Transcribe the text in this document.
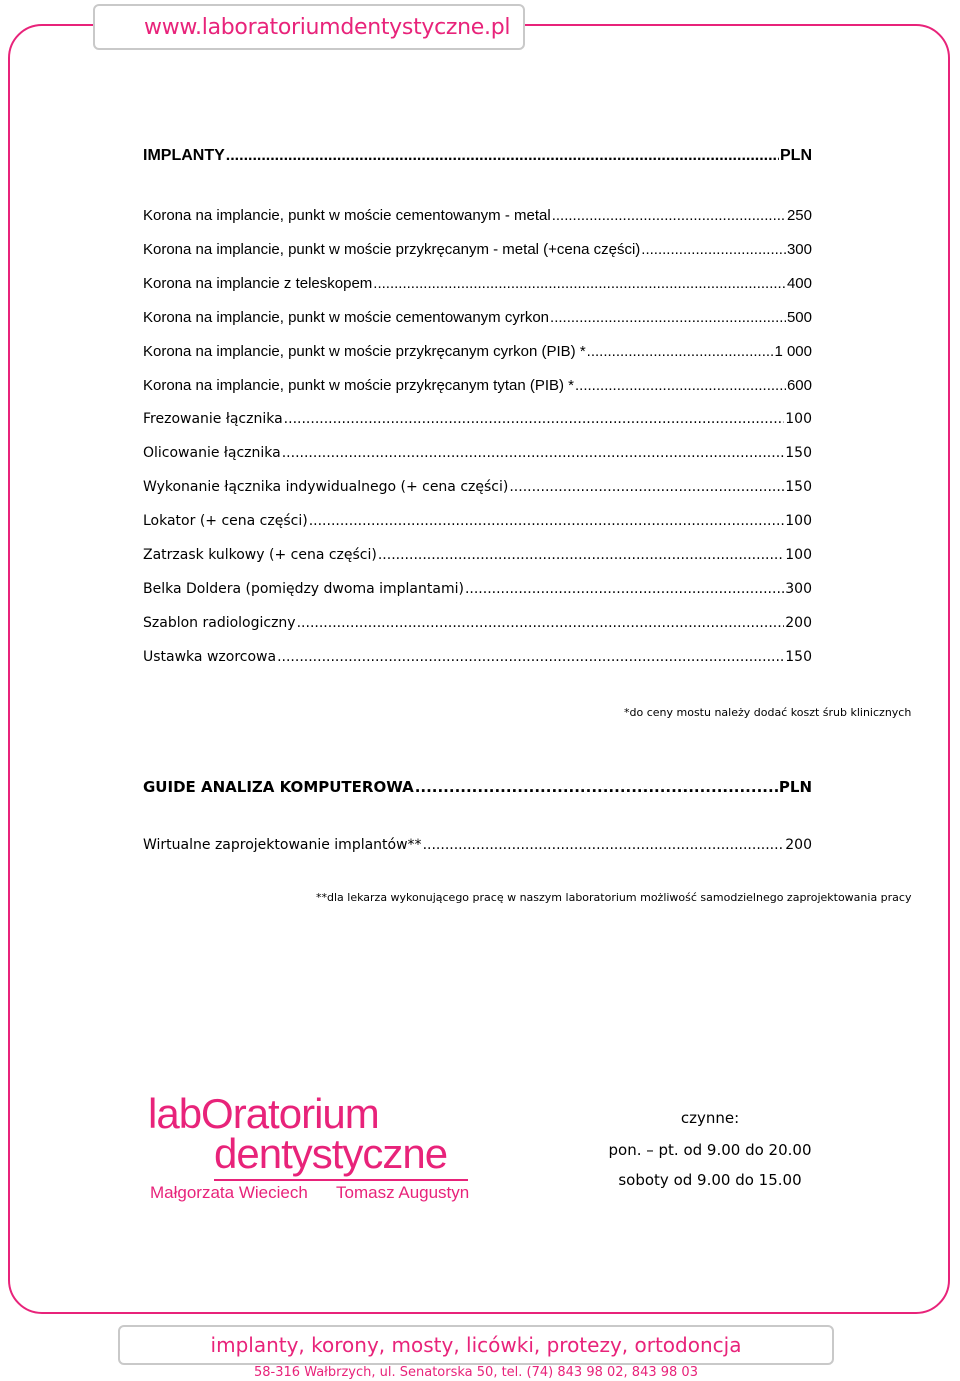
www.laboratoriumdentystyczne.pl
IMPLANTY .....	PLN
Korona na implancie, punkt w moście cementowanym - metal .....	250
Korona na implancie, punkt w moście przykręcanym - metal (+cena części) .....	300
Korona na implancie z teleskopem .....	400
Korona na implancie, punkt w moście cementowanym cyrkon .....	500
Korona na implancie, punkt w moście przykręcanym cyrkon (PIB) * .....	1 000
Korona na implancie, punkt w moście przykręcanym tytan (PIB) * .....	600
Frezowanie łącznika .....	100
Olicowanie łącznika .....	150
Wykonanie łącznika indywidualnego (+ cena części) .....	150
Lokator (+ cena części) .....	100
Zatrzask kulkowy (+ cena części) .....	100
Belka Doldera (pomiędzy dwoma implantami) .....	300
Szablon radiologiczny .....	200
Ustawka wzorcowa .....	150
*do ceny mostu należy dodać koszt śrub klinicznych
GUIDE ANALIZA KOMPUTEROWA .....	PLN
Wirtualne zaprojektowanie implantów** .....	200
**dla lekarza wykonującego pracę w naszym laboratorium możliwość samodzielnego zaprojektowania pracy
labOratorium
dentystyczne
Małgorzata Wieciech Tomasz Augustyn
czynne:
pon. – pt. od 9.00 do 20.00
soboty od 9.00 do 15.00
implanty, korony, mosty, licówki, protezy, ortodoncja
58-316 Wałbrzych, ul. Senatorska 50, tel. (74) 843 98 02, 843 98 03
